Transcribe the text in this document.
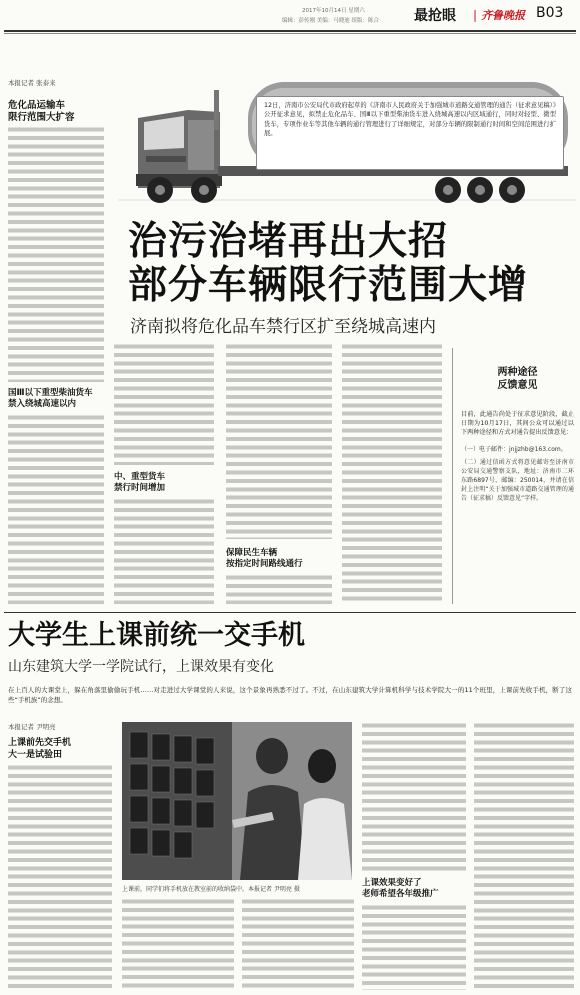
2017年10月14日 星期六
编辑：彭传刚 美编：马晓迪 组版：陈合	最抢眼 ❘ 齐鲁晚报 B03
本报记者 张泰来
危化品运输车
限行范围大扩容
国Ⅲ以下重型柴油货车
禁入绕城高速以内
12日，济南市公安局代市政府起草的《济南市人民政府关于加强城市道路交通管理的通告（征求意见稿）》公开征求意见，拟禁止危化品车、国Ⅲ以下重型柴油货车进入绕城高速以内区域通行，同时对轻型、微型货车，专项作业车等其他车辆的通行管理进行了详细规定，对部分车辆的限制通行时间和空间范围进行扩展。
治污治堵再出大招
部分车辆限行范围大增
济南拟将危化品车禁行区扩至绕城高速内
中、重型货车
禁行时间增加
保障民生车辆
按指定时间路线通行
两种途径
反馈意见
目前，此通告尚处于征求意见阶段，截止日期为10月17日，其间公众可以通过以下两种途径和方式对通告提出反馈意见：
（一）电子邮件：jnjjzhb@163.com。
（二）通过信函方式将意见邮寄至济南市公安局交通警察支队，地址：济南市二环东路6897号，邮编：250014，并请在信封上注明“关于加强城市道路交通管理的通告（征求稿）反馈意见”字样。
大学生上课前统一交手机
山东建筑大学一学院试行，上课效果有变化
在上百人的大课堂上，躲在角落里偷偷玩手机……对走进过大学课堂的人来说，这个景象再熟悉不过了。不过，在山东建筑大学计算机科学与技术学院大一的11个班里，上课前先收手机，断了这些“手机族”的念想。
本报记者 尹明亮
上课前先交手机
大一是试验田
上课前，同学们将手机放在教室前的收纳袋中。本报记者 尹明亮 摄
上课效果变好了
老师希望各年级推广
